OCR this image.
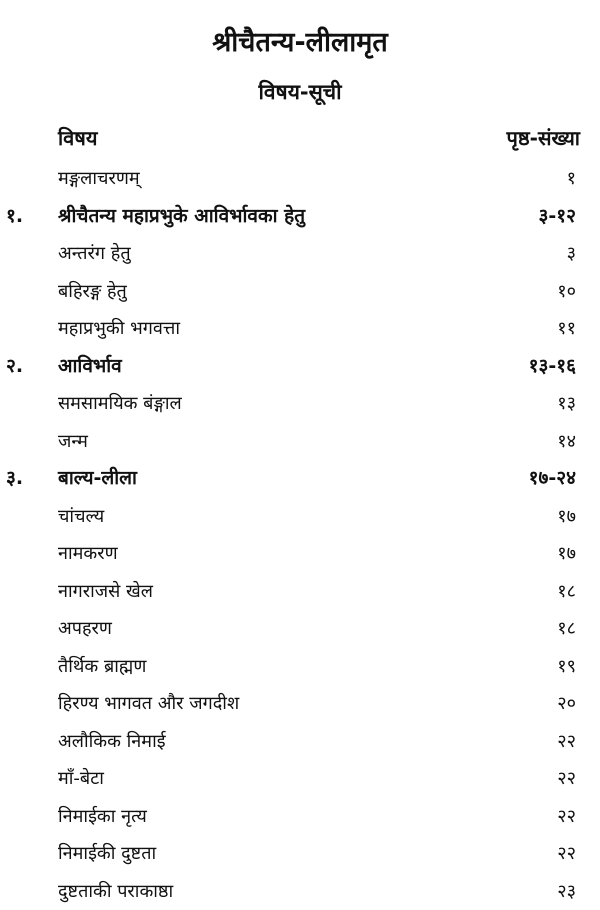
श्रीचैतन्य-लीलामृत
विषय-सूची
विषय	पृष्ठ-संख्या
मङ्गलाचरणम्	१
१. श्रीचैतन्य महाप्रभुके आविर्भावका हेतु	३-१२
अन्तरंग हेतु	३
बहिरङ्ग हेतु	१०
महाप्रभुकी भगवत्ता	११
२. आविर्भाव	१३-१६
समसामयिक बंङ्गाल	१३
जन्म	१४
३. बाल्य-लीला	१७-२४
चांचल्य	१७
नामकरण	१७
नागराजसे खेल	१८
अपहरण	१८
तैर्थिक ब्राह्मण	१९
हिरण्य भागवत और जगदीश	२०
अलौकिक निमाई	२२
माँ-बेटा	२२
निमाईका नृत्य	२२
निमाईकी दुष्टता	२२
दुष्टताकी पराकाष्ठा	२३
